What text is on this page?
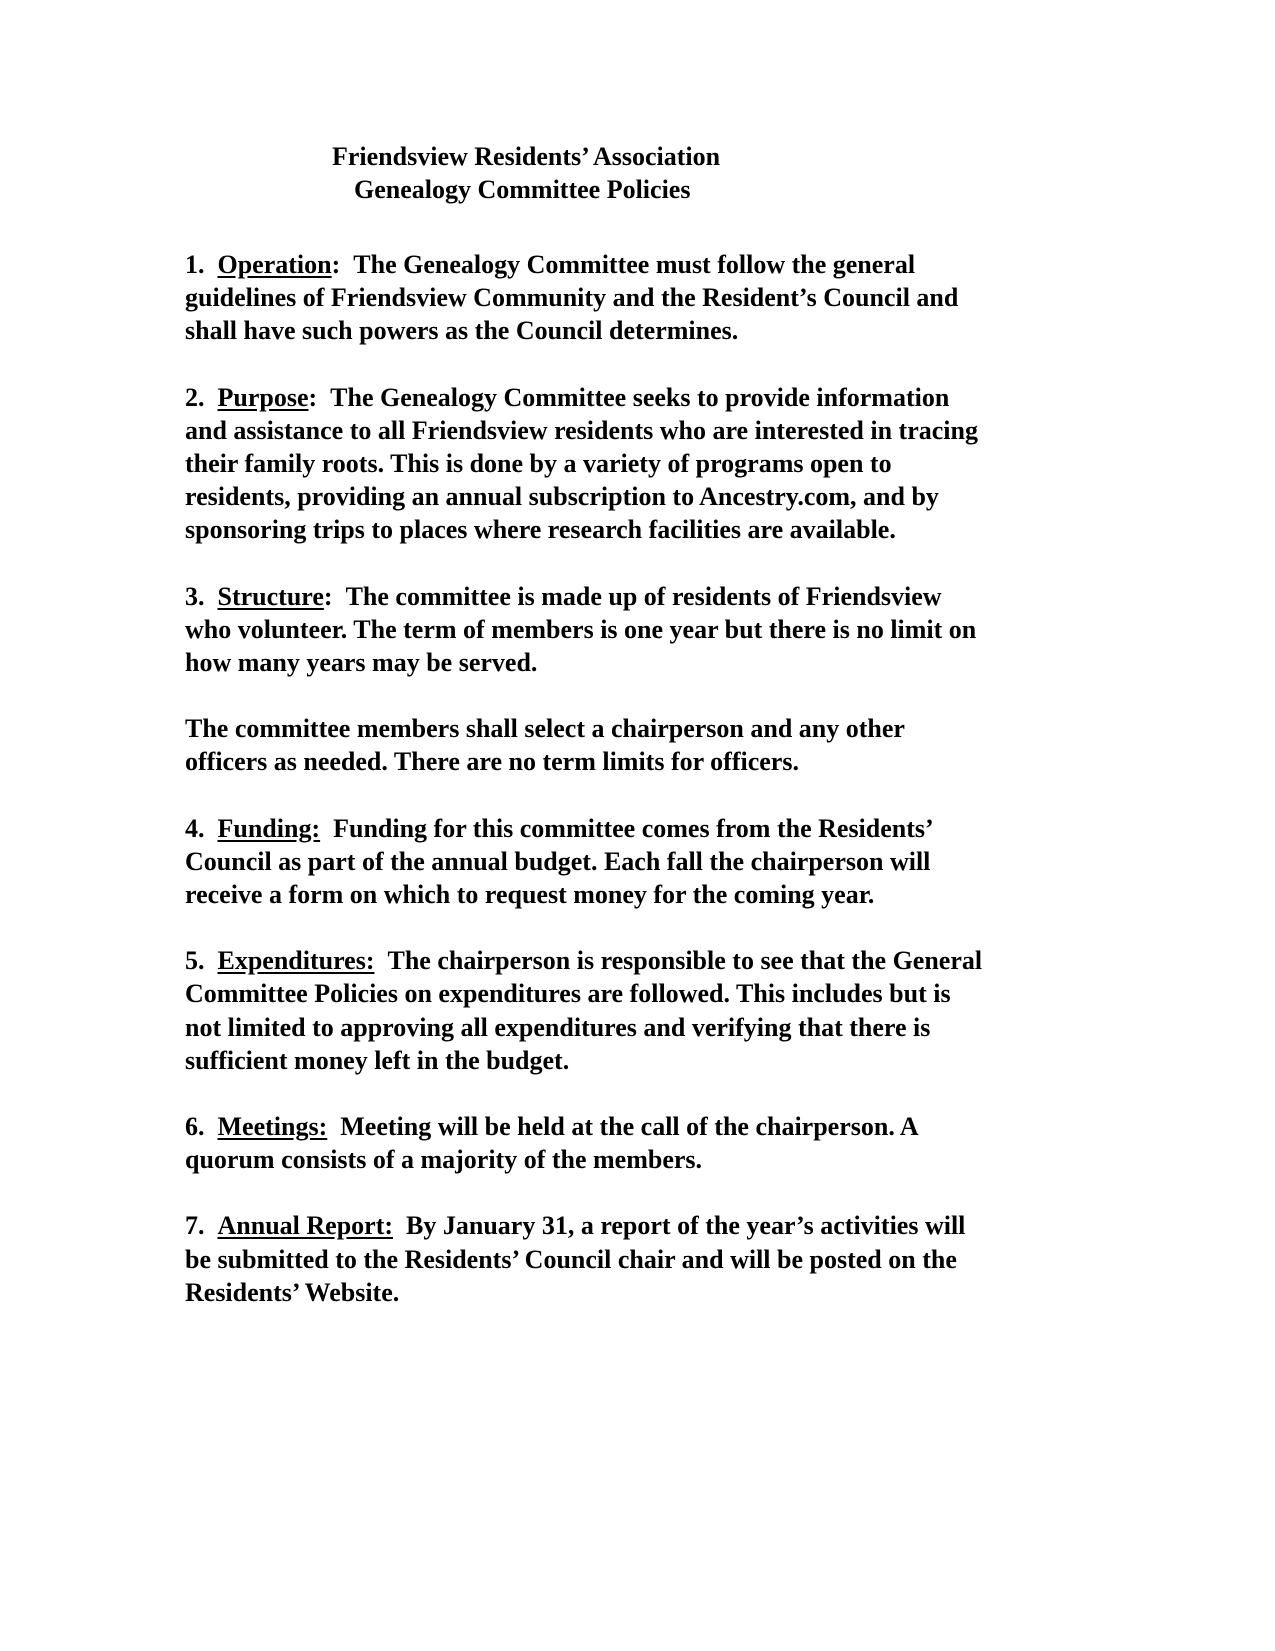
Friendsview Residents’ Association
Genealogy Committee Policies
1. Operation: The Genealogy Committee must follow the general
guidelines of Friendsview Community and the Resident’s Council and
shall have such powers as the Council determines.
2. Purpose: The Genealogy Committee seeks to provide information
and assistance to all Friendsview residents who are interested in tracing
their family roots. This is done by a variety of programs open to
residents, providing an annual subscription to Ancestry.com, and by
sponsoring trips to places where research facilities are available.
3. Structure: The committee is made up of residents of Friendsview
who volunteer. The term of members is one year but there is no limit on
how many years may be served.
The committee members shall select a chairperson and any other
officers as needed. There are no term limits for officers.
4. Funding: Funding for this committee comes from the Residents’
Council as part of the annual budget. Each fall the chairperson will
receive a form on which to request money for the coming year.
5. Expenditures: The chairperson is responsible to see that the General
Committee Policies on expenditures are followed. This includes but is
not limited to approving all expenditures and verifying that there is
sufficient money left in the budget.
6. Meetings: Meeting will be held at the call of the chairperson. A
quorum consists of a majority of the members.
7. Annual Report: By January 31, a report of the year’s activities will
be submitted to the Residents’ Council chair and will be posted on the
Residents’ Website.
